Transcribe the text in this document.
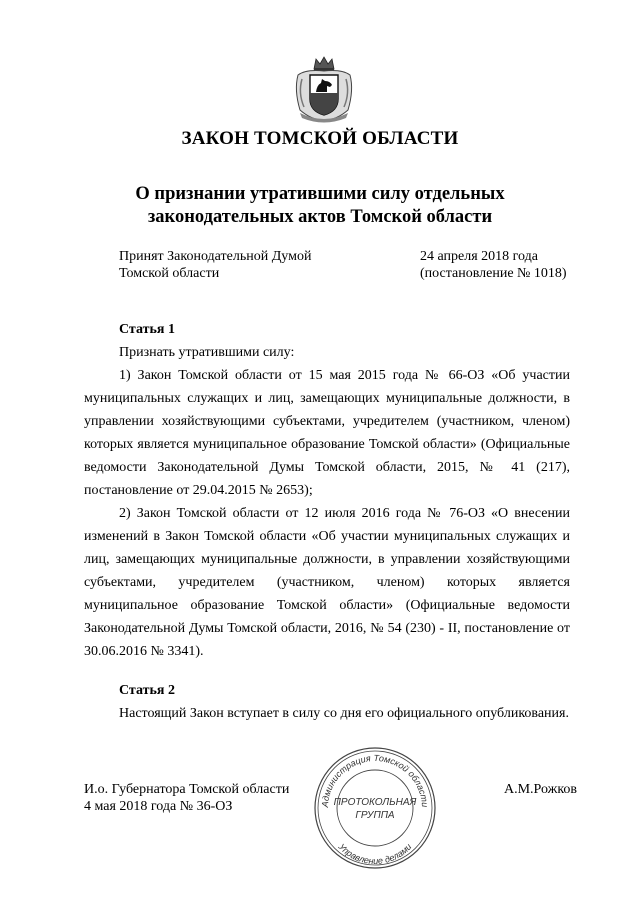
ЗАКОН ТОМСКОЙ ОБЛАСТИ
О признании утратившими силу отдельных
законодательных актов Томской области
Принят Законодательной Думой
Томской области
24 апреля 2018 года
(постановление № 1018)
Статья 1

Признать утратившими силу:

1) Закон Томской области от 15 мая 2015 года № 66-ОЗ «Об участии муниципальных служащих и лиц, замещающих муниципальные должности, в управлении хозяйствующими субъектами, учредителем (участником, членом) которых является муниципальное образование Томской области» (Официальные ведомости Законодательной Думы Томской области, 2015, № 41 (217), постановление от 29.04.2015 № 2653);

2) Закон Томской области от 12 июля 2016 года № 76-ОЗ «О внесении изменений в Закон Томской области «Об участии муниципальных служащих и лиц, замещающих муниципальные должности, в управлении хозяйствующими субъектами, учредителем (участником, членом) которых является муниципальное образование Томской области» (Официальные ведомости Законодательной Думы Томской области, 2016, № 54 (230) - II, постановление от 30.06.2016 № 3341).

Статья 2

Настоящий Закон вступает в силу со дня его официального опубликования.

И.о. Губернатора Томской области
4 мая 2018 года № 36-ОЗ
А.М.Рожков
Администрация Томской области
Управление делами
ПРОТОКОЛЬНАЯ
ГРУППА
